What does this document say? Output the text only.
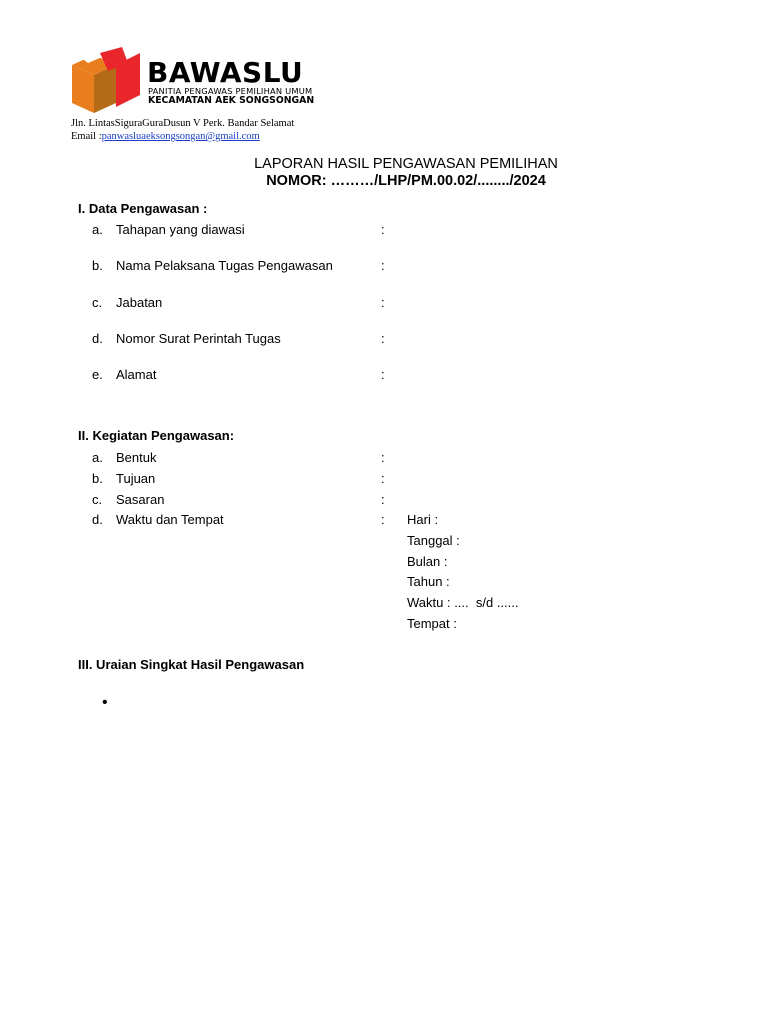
BAWASLU
PANITIA PENGAWAS PEMILIHAN UMUM
KECAMATAN AEK SONGSONGAN
Jln. LintasSiguraGuraDusun V Perk. Bandar Selamat
Email :panwasluaeksongsongan@gmail.com
LAPORAN HASIL PENGAWASAN PEMILIHAN
NOMOR: ………/LHP/PM.00.02/......../2024
I. Data Pengawasan :
a. Tahapan yang diawasi	:
b. Nama Pelaksana Tugas Pengawasan	:
c. Jabatan	:
d. Nomor Surat Perintah Tugas	:
e. Alamat	:
II. Kegiatan Pengawasan:
a. Bentuk	:
b. Tujuan	:
c. Sasaran	:
d. Waktu dan Tempat	: Hari :
Tanggal :
Bulan :
Tahun :
Waktu : ....  s/d ......
Tempat :
III. Uraian Singkat Hasil Pengawasan
•
